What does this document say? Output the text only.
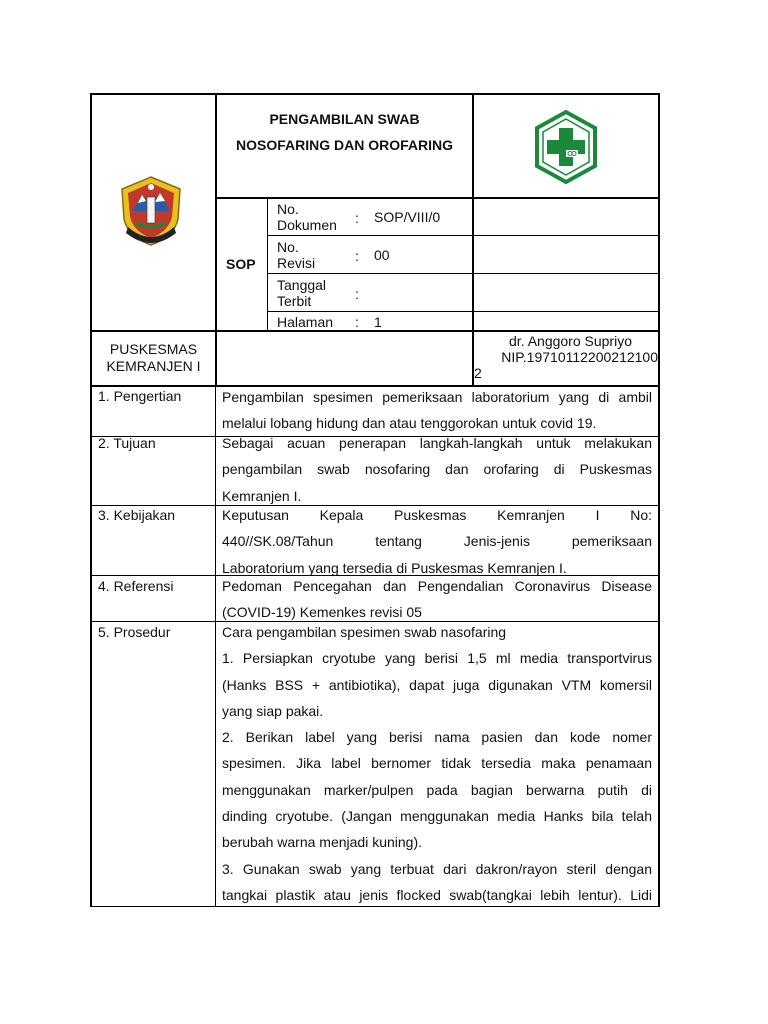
PENGAMBILAN SWAB
NOSOFARING DAN OROFARING
SOP
No.
Dokumen : SOP/VIII/0
No.
Revisi	: 00
Tanggal
Terbit	:
Halaman : 1
PUSKESMAS
KEMRANJEN I
dr. Anggoro Supriyo
NIP.19710112200212100
2
1. Pengertian	Pengambilan spesimen pemeriksaan laboratorium yang di ambil
melalui lobang hidung dan atau tenggorokan untuk covid 19.
2. Tujuan	Sebagai acuan penerapan langkah-langkah untuk melakukan
pengambilan swab nosofaring dan orofaring di Puskesmas
Kemranjen I.
3. Kebijakan	Keputusan Kepala Puskesmas Kemranjen I No:
440//SK.08/Tahun tentang Jenis-jenis pemeriksaan
Laboratorium yang tersedia di Puskesmas Kemranjen I.
4. Referensi	Pedoman Pencegahan dan Pengendalian Coronavirus Disease
(COVID-19) Kemenkes revisi 05
5. Prosedur	Cara pengambilan spesimen swab nasofaring
1. Persiapkan cryotube yang berisi 1,5 ml media transportvirus
(Hanks BSS + antibiotika), dapat juga digunakan VTM komersil
yang siap pakai.
2. Berikan label yang berisi nama pasien dan kode nomer
spesimen. Jika label bernomer tidak tersedia maka penamaan
menggunakan marker/pulpen pada bagian berwarna putih di
dinding cryotube. (Jangan menggunakan media Hanks bila telah
berubah warna menjadi kuning).
3. Gunakan swab yang terbuat dari dakron/rayon steril dengan
tangkai plastik atau jenis flocked swab(tangkai lebih lentur). Lidi
